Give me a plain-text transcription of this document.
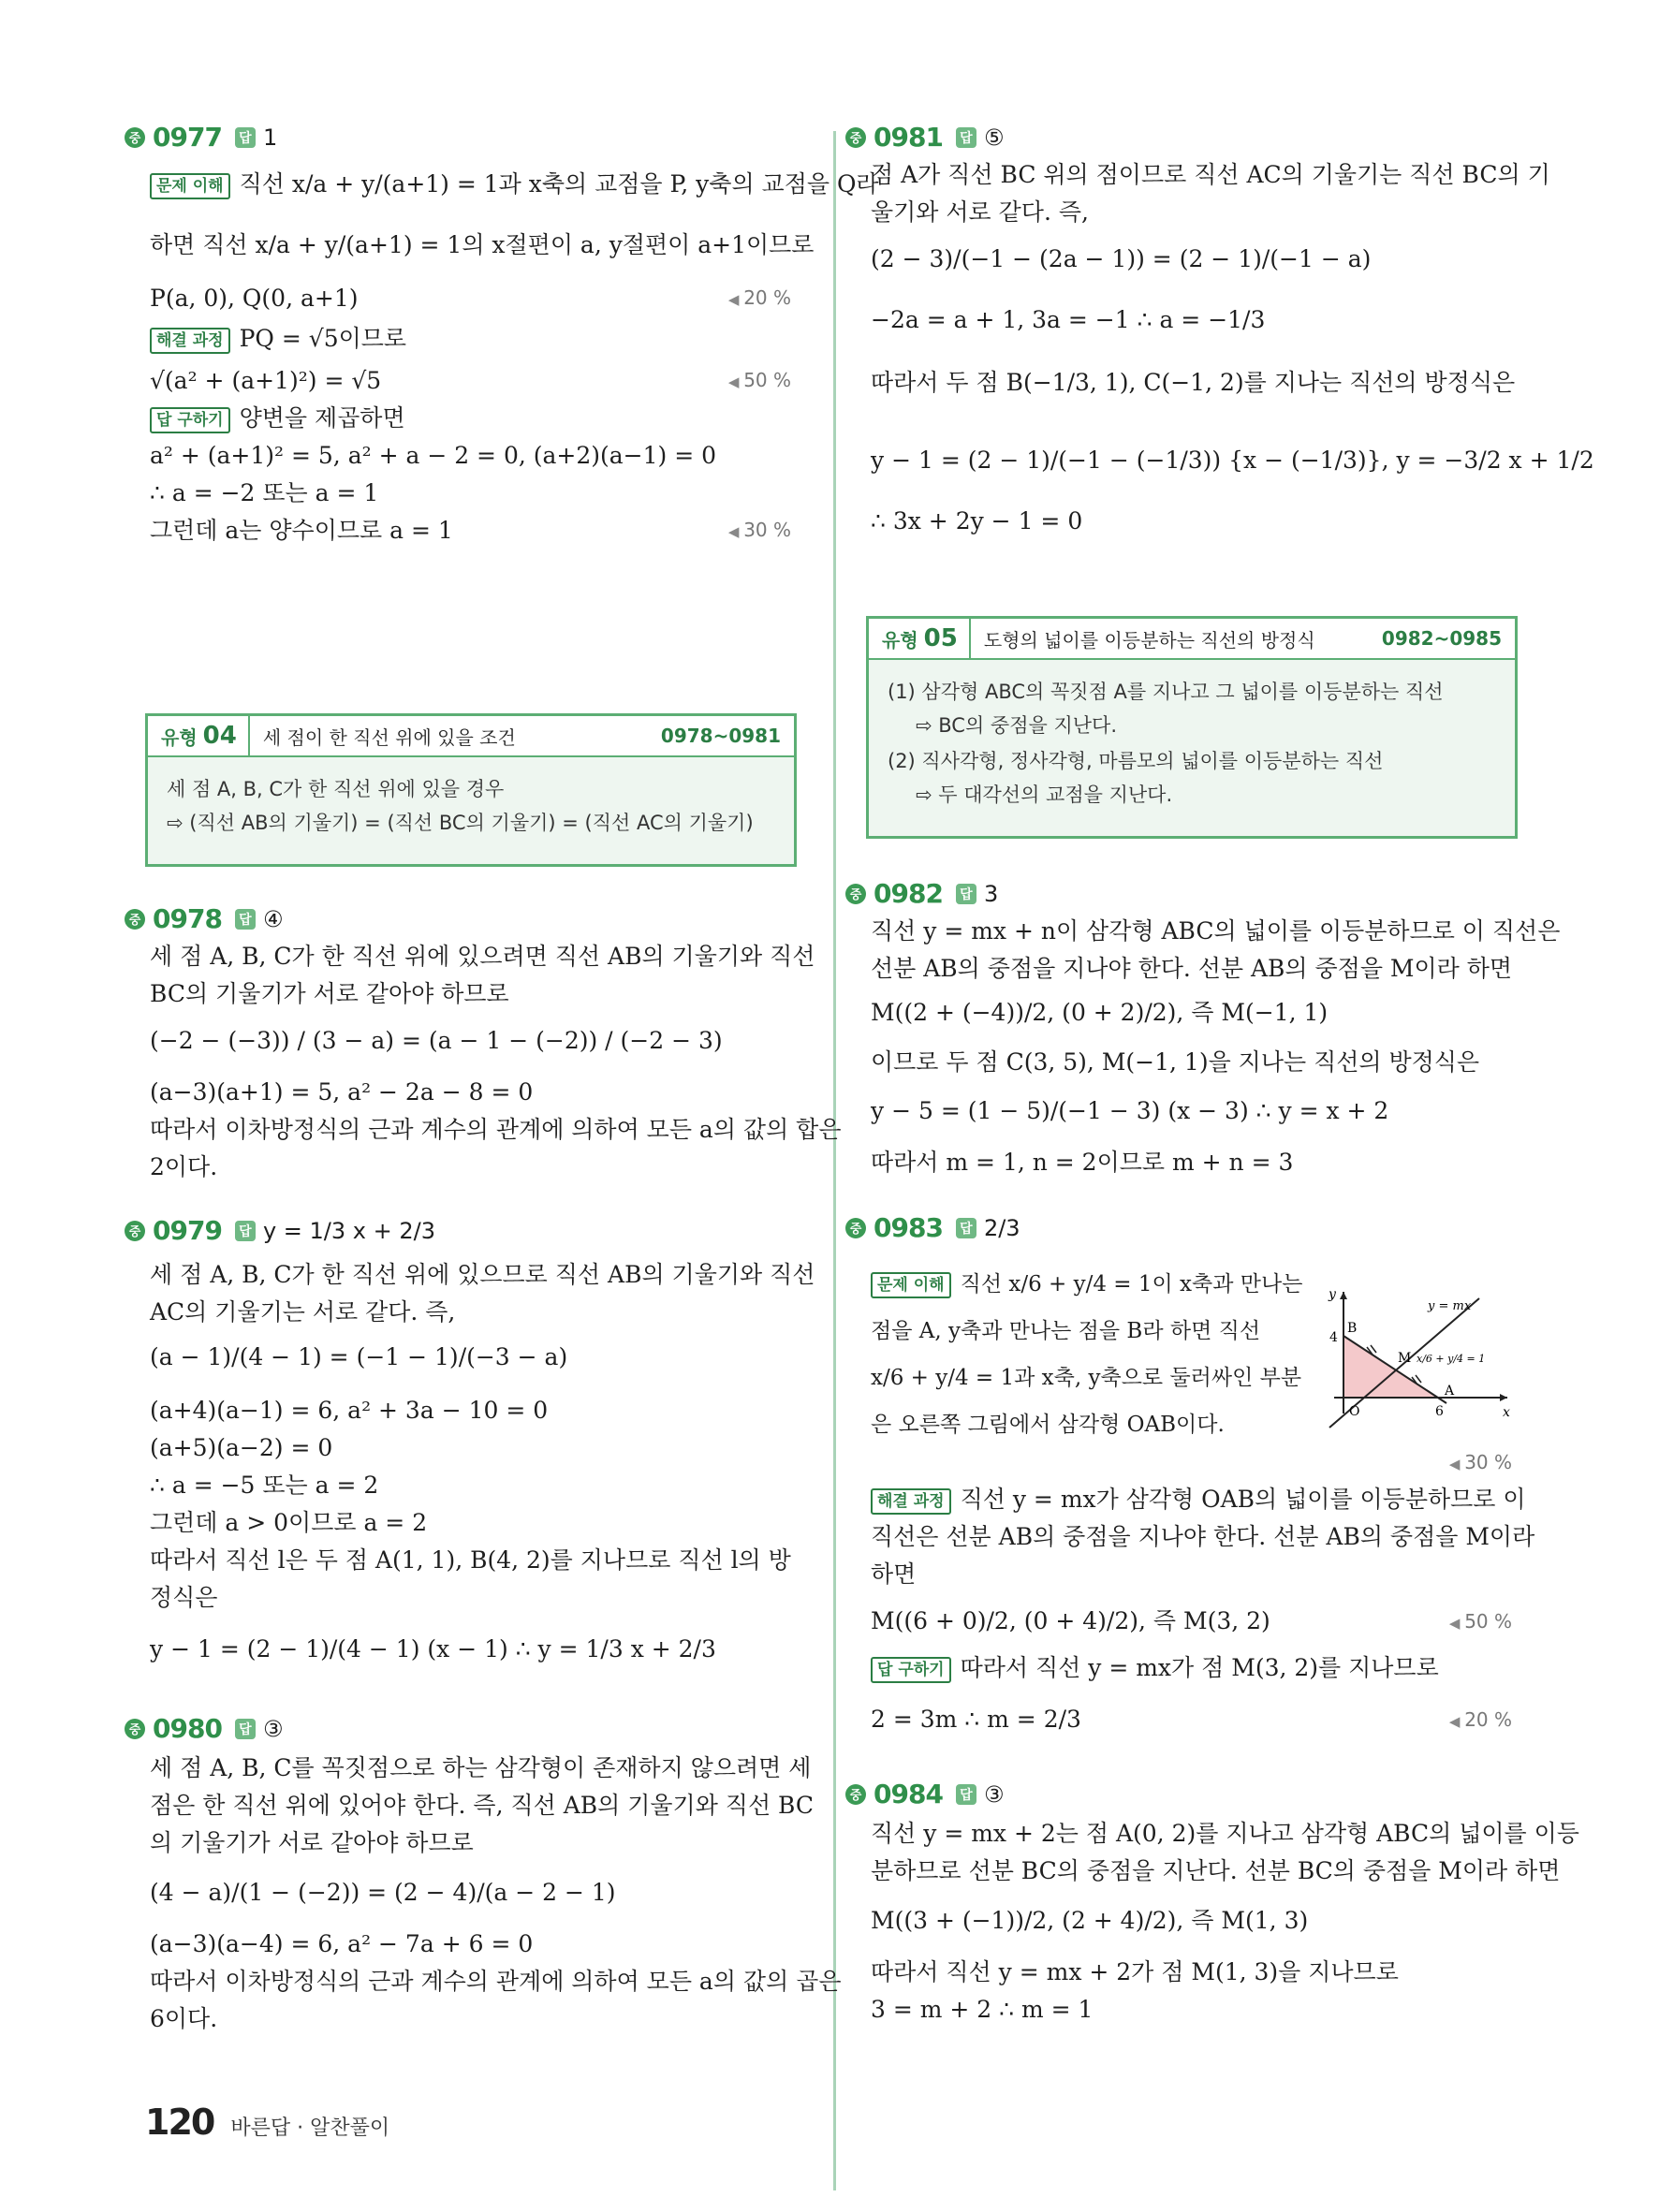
중 0977	답 1
문제 이해 직선 x/a + y/(a+1) = 1과 x축의 교점을 P, y축의 교점을 Q라
하면 직선 x/a + y/(a+1) = 1의 x절편이 a, y절편이 a+1이므로
P(a, 0), Q(0, a+1)	◀ 20 %
해결 과정 PQ = √5이므로
√(a² + (a+1)²) = √5	◀ 50 %
답 구하기 양변을 제곱하면
a² + (a+1)² = 5, a² + a − 2 = 0, (a+2)(a−1) = 0
∴ a = −2 또는 a = 1
그런데 a는 양수이므로 a = 1	◀ 30 %
유형 04	세 점이 한 직선 위에 있을 조건	0978~0981
세 점 A, B, C가 한 직선 위에 있을 경우
⇨ (직선 AB의 기울기) = (직선 BC의 기울기) = (직선 AC의 기울기)
중 0978	답 ④
세 점 A, B, C가 한 직선 위에 있으려면 직선 AB의 기울기와 직선
BC의 기울기가 서로 같아야 하므로
(−2 − (−3)) / (3 − a) = (a − 1 − (−2)) / (−2 − 3)
(a−3)(a+1) = 5, a² − 2a − 8 = 0
따라서 이차방정식의 근과 계수의 관계에 의하여 모든 a의 값의 합은
2이다.
중 0979	답 y = 1/3 x + 2/3
세 점 A, B, C가 한 직선 위에 있으므로 직선 AB의 기울기와 직선
AC의 기울기는 서로 같다. 즉,
(a − 1)/(4 − 1) = (−1 − 1)/(−3 − a)
(a+4)(a−1) = 6, a² + 3a − 10 = 0
(a+5)(a−2) = 0
∴ a = −5 또는 a = 2
그런데 a > 0이므로 a = 2
따라서 직선 l은 두 점 A(1, 1), B(4, 2)를 지나므로 직선 l의 방
정식은
y − 1 = (2 − 1)/(4 − 1) (x − 1) ∴ y = 1/3 x + 2/3
중 0980	답 ③
세 점 A, B, C를 꼭짓점으로 하는 삼각형이 존재하지 않으려면 세
점은 한 직선 위에 있어야 한다. 즉, 직선 AB의 기울기와 직선 BC
의 기울기가 서로 같아야 하므로
(4 − a)/(1 − (−2)) = (2 − 4)/(a − 2 − 1)
(a−3)(a−4) = 6, a² − 7a + 6 = 0
따라서 이차방정식의 근과 계수의 관계에 의하여 모든 a의 값의 곱은
6이다.
중 0981	답 ⑤
점 A가 직선 BC 위의 점이므로 직선 AC의 기울기는 직선 BC의 기
울기와 서로 같다. 즉,
(2 − 3)/(−1 − (2a − 1)) = (2 − 1)/(−1 − a)
−2a = a + 1, 3a = −1 ∴ a = −1/3
따라서 두 점 B(−1/3, 1), C(−1, 2)를 지나는 직선의 방정식은
y − 1 = (2 − 1)/(−1 − (−1/3)) {x − (−1/3)}, y = −3/2 x + 1/2
∴ 3x + 2y − 1 = 0
유형 05	도형의 넓이를 이등분하는 직선의 방정식	0982~0985
(1) 삼각형 ABC의 꼭짓점 A를 지나고 그 넓이를 이등분하는 직선
⇨ BC의 중점을 지난다.
(2) 직사각형, 정사각형, 마름모의 넓이를 이등분하는 직선
⇨ 두 대각선의 교점을 지난다.
중 0982	답 3
직선 y = mx + n이 삼각형 ABC의 넓이를 이등분하므로 이 직선은
선분 AB의 중점을 지나야 한다. 선분 AB의 중점을 M이라 하면
M((2 + (−4))/2, (0 + 2)/2), 즉 M(−1, 1)
이므로 두 점 C(3, 5), M(−1, 1)을 지나는 직선의 방정식은
y − 5 = (1 − 5)/(−1 − 3) (x − 3) ∴ y = x + 2
따라서 m = 1, n = 2이므로 m + n = 3
중 0983	답 2/3
문제 이해 직선 x/6 + y/4 = 1이 x축과 만나는
점을 A, y축과 만나는 점을 B라 하면 직선
x/6 + y/4 = 1과 x축, y축으로 둘러싸인 부분
은 오른쪽 그림에서 삼각형 OAB이다.
◀ 30 %
해결 과정 직선 y = mx가 삼각형 OAB의 넓이를 이등분하므로 이
직선은 선분 AB의 중점을 지나야 한다. 선분 AB의 중점을 M이라
하면
M((6 + 0)/2, (0 + 4)/2), 즉 M(3, 2)	◀ 50 %
답 구하기 따라서 직선 y = mx가 점 M(3, 2)를 지나므로
2 = 3m ∴ m = 2/3	◀ 20 %
y
x
O
B
4
6
A
M
y = mx
x/6 + y/4 = 1
중 0984	답 ③
직선 y = mx + 2는 점 A(0, 2)를 지나고 삼각형 ABC의 넓이를 이등
분하므로 선분 BC의 중점을 지난다. 선분 BC의 중점을 M이라 하면
M((3 + (−1))/2, (2 + 4)/2), 즉 M(1, 3)
따라서 직선 y = mx + 2가 점 M(1, 3)을 지나므로
3 = m + 2 ∴ m = 1
120 바른답 · 알찬풀이
